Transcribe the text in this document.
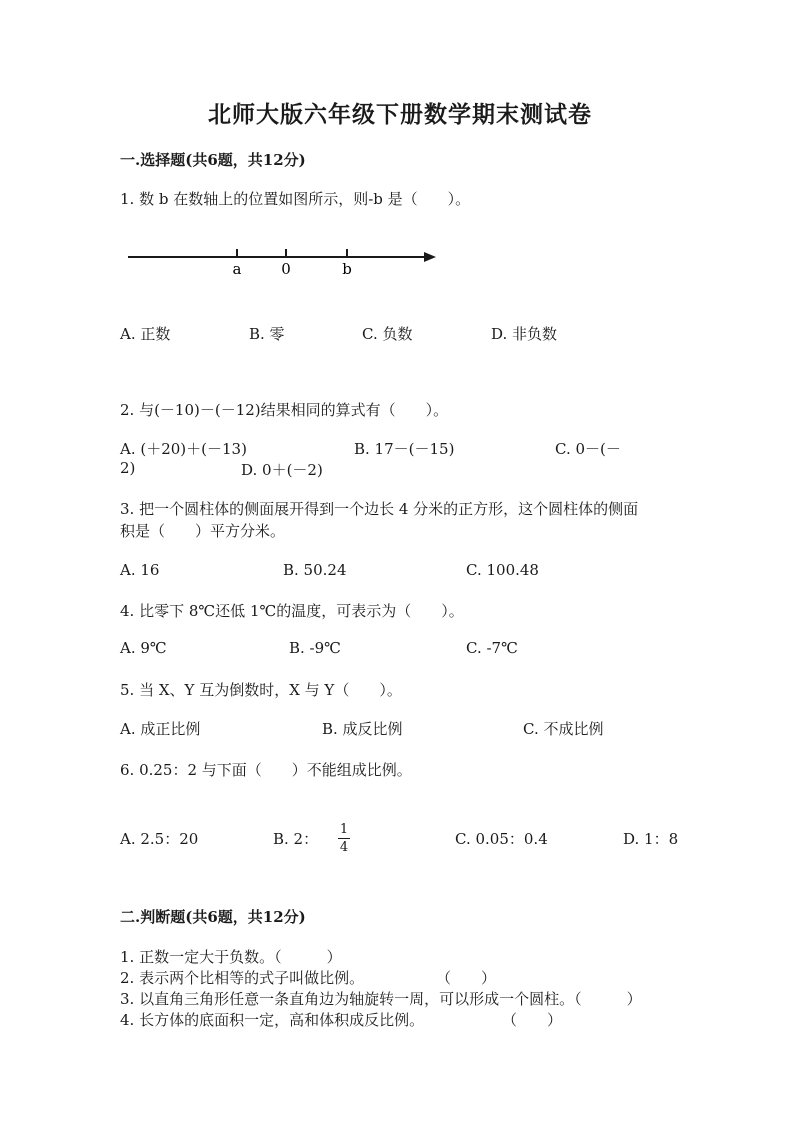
北师大版六年级下册数学期末测试卷
一.选择题(共6题，共12分)
1. 数 b 在数轴上的位置如图所示，则-b 是（　　）。
a	0	b
A. 正数	B. 零	C. 负数	D. 非负数
2. 与(－10)－(－12)结果相同的算式有（　　）。
A. (＋20)＋(－13)	B. 17－(－15)	C. 0－(－
2)	D. 0＋(－2)
3. 把一个圆柱体的侧面展开得到一个边长 4 分米的正方形，这个圆柱体的侧面
积是（　　）平方分米。
A. 16	B. 50.24	C. 100.48
4. 比零下 8℃还低 1℃的温度，可表示为（　　）。
A. 9℃	B. -9℃	C. -7℃
5. 当 X、Y 互为倒数时，X 与 Y（　　）。
A. 成正比例	B. 成反比例	C. 不成比例
6. 0.25：2 与下面（　　）不能组成比例。
A. 2.5：20	B. 2：
1
4	C. 0.05：0.4	D. 1：8
二.判断题(共6题，共12分)
1. 正数一定大于负数。（　　　）
2. 表示两个比相等的式子叫做比例。	（　　）
3. 以直角三角形任意一条直角边为轴旋转一周，可以形成一个圆柱。（　　　）
4. 长方体的底面积一定，高和体积成反比例。	（　　）
